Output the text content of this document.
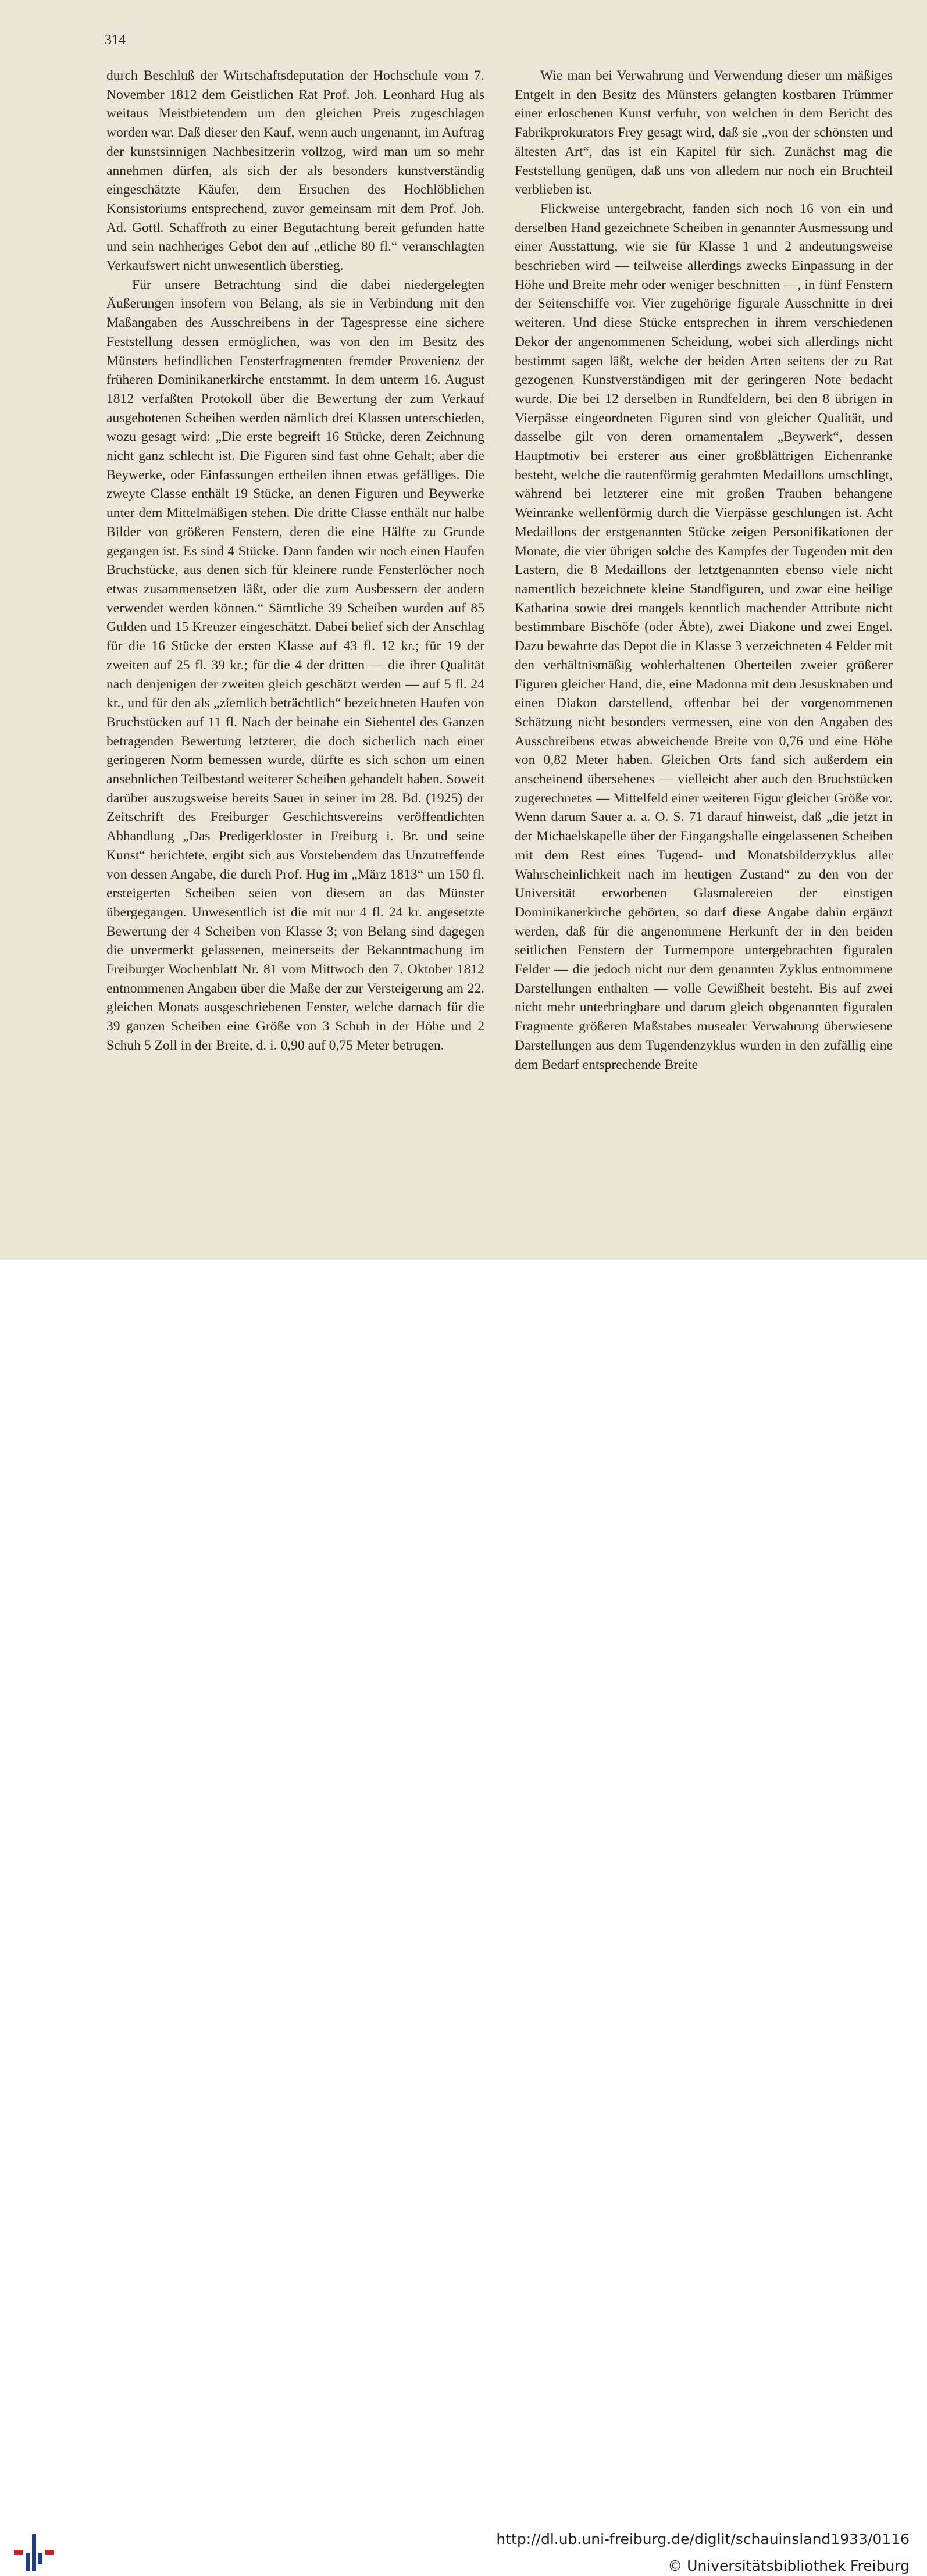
314

durch Beschluß der Wirtschaftsdeputation der Hochschule vom 7. November 1812 dem Geistlichen Rat Prof. Joh. Leonhard Hug als weitaus Meistbietendem um den gleichen Preis zugeschlagen worden war. Daß dieser den Kauf, wenn auch ungenannt, im Auftrag der kunstsinnigen Nachbesitzerin vollzog, wird man um so mehr annehmen dürfen, als sich der als besonders kunstverständig eingeschätzte Käufer, dem Ersuchen des Hochlöblichen Konsistoriums entsprechend, zuvor gemeinsam mit dem Prof. Joh. Ad. Gottl. Schaffroth zu einer Begutachtung bereit gefunden hatte und sein nachheriges Gebot den auf „etliche 80 fl.“ veranschlagten Verkaufswert nicht unwesentlich überstieg.

Für unsere Betrachtung sind die dabei niedergelegten Äußerungen insofern von Belang, als sie in Verbindung mit den Maßangaben des Ausschreibens in der Tagespresse eine sichere Feststellung dessen ermöglichen, was von den im Besitz des Münsters befindlichen Fensterfragmenten fremder Provenienz der früheren Dominikanerkirche entstammt. In dem unterm 16. August 1812 verfaßten Protokoll über die Bewertung der zum Verkauf ausgebotenen Scheiben werden nämlich drei Klassen unterschieden, wozu gesagt wird: „Die erste begreift 16 Stücke, deren Zeichnung nicht ganz schlecht ist. Die Figuren sind fast ohne Gehalt; aber die Beywerke, oder Einfassungen ertheilen ihnen etwas gefälliges. Die zweyte Classe enthält 19 Stücke, an denen Figuren und Beywerke unter dem Mittelmäßigen stehen. Die dritte Classe enthält nur halbe Bilder von größeren Fenstern, deren die eine Hälfte zu Grunde gegangen ist. Es sind 4 Stücke. Dann fanden wir noch einen Haufen Bruchstücke, aus denen sich für kleinere runde Fensterlöcher noch etwas zusammensetzen läßt, oder die zum Ausbessern der andern verwendet werden können.“ Sämtliche 39 Scheiben wurden auf 85 Gulden und 15 Kreuzer eingeschätzt. Dabei belief sich der Anschlag für die 16 Stücke der ersten Klasse auf 43 fl. 12 kr.; für 19 der zweiten auf 25 fl. 39 kr.; für die 4 der dritten — die ihrer Qualität nach denjenigen der zweiten gleich geschätzt werden — auf 5 fl. 24 kr., und für den als „ziemlich beträchtlich“ bezeichneten Haufen von Bruchstücken auf 11 fl. Nach der beinahe ein Siebentel des Ganzen betragenden Bewertung letzterer, die doch sicherlich nach einer geringeren Norm bemessen wurde, dürfte es sich schon um einen ansehnlichen Teilbestand weiterer Scheiben gehandelt haben. Soweit darüber auszugsweise bereits Sauer in seiner im 28. Bd. (1925) der Zeitschrift des Freiburger Geschichtsvereins veröffentlichten Abhandlung „Das Predigerkloster in Freiburg i. Br. und seine Kunst“ berichtete, ergibt sich aus Vorstehendem das Unzutreffende von dessen Angabe, die durch Prof. Hug im „März 1813“ um 150 fl. ersteigerten Scheiben seien von diesem an das Münster übergegangen. Unwesentlich ist die mit nur 4 fl. 24 kr. angesetzte Bewertung der 4 Scheiben von Klasse 3; von Belang sind dagegen die unvermerkt gelassenen, meinerseits der Bekanntmachung im Freiburger Wochenblatt Nr. 81 vom Mittwoch den 7. Oktober 1812 entnommenen Angaben über die Maße der zur Versteigerung am 22. gleichen Monats ausgeschriebenen Fenster, welche darnach für die 39 ganzen Scheiben eine Größe von 3 Schuh in der Höhe und 2 Schuh 5 Zoll in der Breite, d. i. 0,90 auf 0,75 Meter betrugen.

Wie man bei Verwahrung und Verwendung dieser um mäßiges Entgelt in den Besitz des Münsters gelangten kostbaren Trümmer einer erloschenen Kunst verfuhr, von welchen in dem Bericht des Fabrikprokurators Frey gesagt wird, daß sie „von der schönsten und ältesten Art“, das ist ein Kapitel für sich. Zunächst mag die Feststellung genügen, daß uns von alledem nur noch ein Bruchteil verblieben ist.

Flickweise untergebracht, fanden sich noch 16 von ein und derselben Hand gezeichnete Scheiben in genannter Ausmessung und einer Ausstattung, wie sie für Klasse 1 und 2 andeutungsweise beschrieben wird — teilweise allerdings zwecks Einpassung in der Höhe und Breite mehr oder weniger beschnitten —, in fünf Fenstern der Seitenschiffe vor. Vier zugehörige figurale Ausschnitte in drei weiteren. Und diese Stücke entsprechen in ihrem verschiedenen Dekor der angenommenen Scheidung, wobei sich allerdings nicht bestimmt sagen läßt, welche der beiden Arten seitens der zu Rat gezogenen Kunstverständigen mit der geringeren Note bedacht wurde. Die bei 12 derselben in Rundfeldern, bei den 8 übrigen in Vierpässe eingeordneten Figuren sind von gleicher Qualität, und dasselbe gilt von deren ornamentalem „Beywerk“, dessen Hauptmotiv bei ersterer aus einer großblättrigen Eichenranke besteht, welche die rautenförmig gerahmten Medaillons umschlingt, während bei letzterer eine mit großen Trauben behangene Weinranke wellenförmig durch die Vierpässe geschlungen ist. Acht Medaillons der erstgenannten Stücke zeigen Personifikationen der Monate, die vier übrigen solche des Kampfes der Tugenden mit den Lastern, die 8 Medaillons der letztgenannten ebenso viele nicht namentlich bezeichnete kleine Standfiguren, und zwar eine heilige Katharina sowie drei mangels kenntlich machender Attribute nicht bestimmbare Bischöfe (oder Äbte), zwei Diakone und zwei Engel. Dazu bewahrte das Depot die in Klasse 3 verzeichneten 4 Felder mit den verhältnismäßig wohlerhaltenen Oberteilen zweier größerer Figuren gleicher Hand, die, eine Madonna mit dem Jesusknaben und einen Diakon darstellend, offenbar bei der vorgenommenen Schätzung nicht besonders vermessen, eine von den Angaben des Ausschreibens etwas abweichende Breite von 0,76 und eine Höhe von 0,82 Meter haben. Gleichen Orts fand sich außerdem ein anscheinend übersehenes — vielleicht aber auch den Bruchstücken zugerechnetes — Mittelfeld einer weiteren Figur gleicher Größe vor. Wenn darum Sauer a. a. O. S. 71 darauf hinweist, daß „die jetzt in der Michaelskapelle über der Eingangshalle eingelassenen Scheiben mit dem Rest eines Tugend- und Monatsbilderzyklus aller Wahrscheinlichkeit nach im heutigen Zustand“ zu den von der Universität erworbenen Glasmalereien der einstigen Dominikanerkirche gehörten, so darf diese Angabe dahin ergänzt werden, daß für die angenommene Herkunft der in den beiden seitlichen Fenstern der Turmempore untergebrachten figuralen Felder — die jedoch nicht nur dem genannten Zyklus entnommene Darstellungen enthalten — volle Gewißheit besteht. Bis auf zwei nicht mehr unterbringbare und darum gleich obgenannten figuralen Fragmente größeren Maßstabes musealer Verwahrung überwiesene Darstellungen aus dem Tugendenzyklus wurden in den zufällig eine dem Bedarf entsprechende Breite

http://dl.ub.uni-freiburg.de/diglit/schauinsland1933/0116
© Universitätsbibliothek Freiburg
